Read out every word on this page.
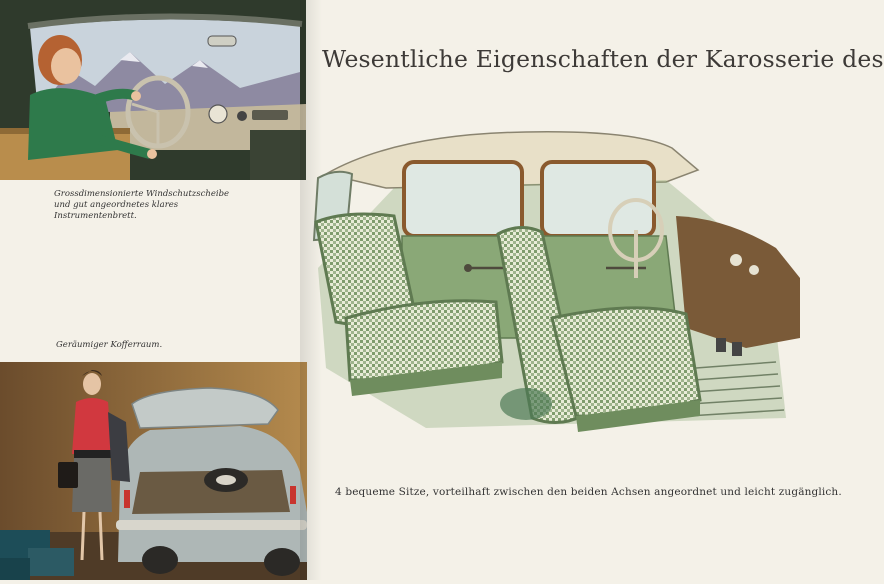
Grossdimensionierte Windschutzscheibe und gut angeordnetes klares Instrumentenbrett.
Geräumiger Kofferraum.
Wesentliche Eigenschaften der Karosserie des
4 bequeme Sitze, vorteilhaft zwischen den beiden Achsen angeordnet und leicht zugänglich.
